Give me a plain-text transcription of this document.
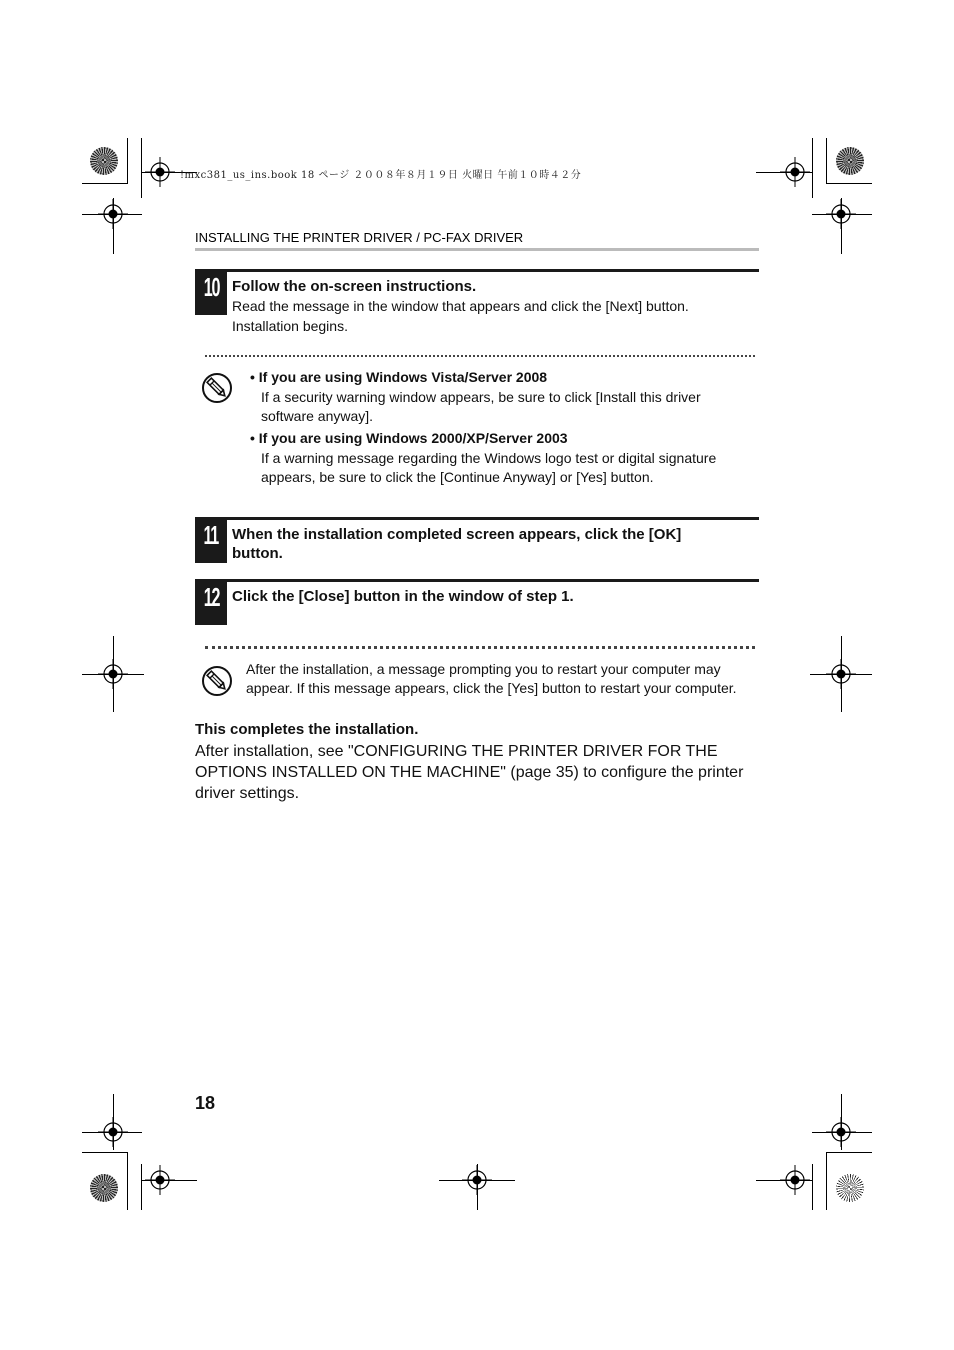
!mxc381_us_ins.book 18 ページ ２００８年８月１９日 火曜日 午前１０時４２分
INSTALLING THE PRINTER DRIVER / PC-FAX DRIVER
10 Follow the on-screen instructions.
Read the message in the window that appears and click the [Next] button.
Installation begins.
• If you are using Windows Vista/Server 2008
If a security warning window appears, be sure to click [Install this driver
software anyway].
• If you are using Windows 2000/XP/Server 2003
If a warning message regarding the Windows logo test or digital signature
appears, be sure to click the [Continue Anyway] or [Yes] button.
11 When the installation completed screen appears, click the [OK]
button.
12 Click the [Close] button in the window of step 1.
After the installation, a message prompting you to restart your computer may
appear. If this message appears, click the [Yes] button to restart your computer.
This completes the installation.
After installation, see "CONFIGURING THE PRINTER DRIVER FOR THE
OPTIONS INSTALLED ON THE MACHINE" (page 35) to configure the printer
driver settings.
18
